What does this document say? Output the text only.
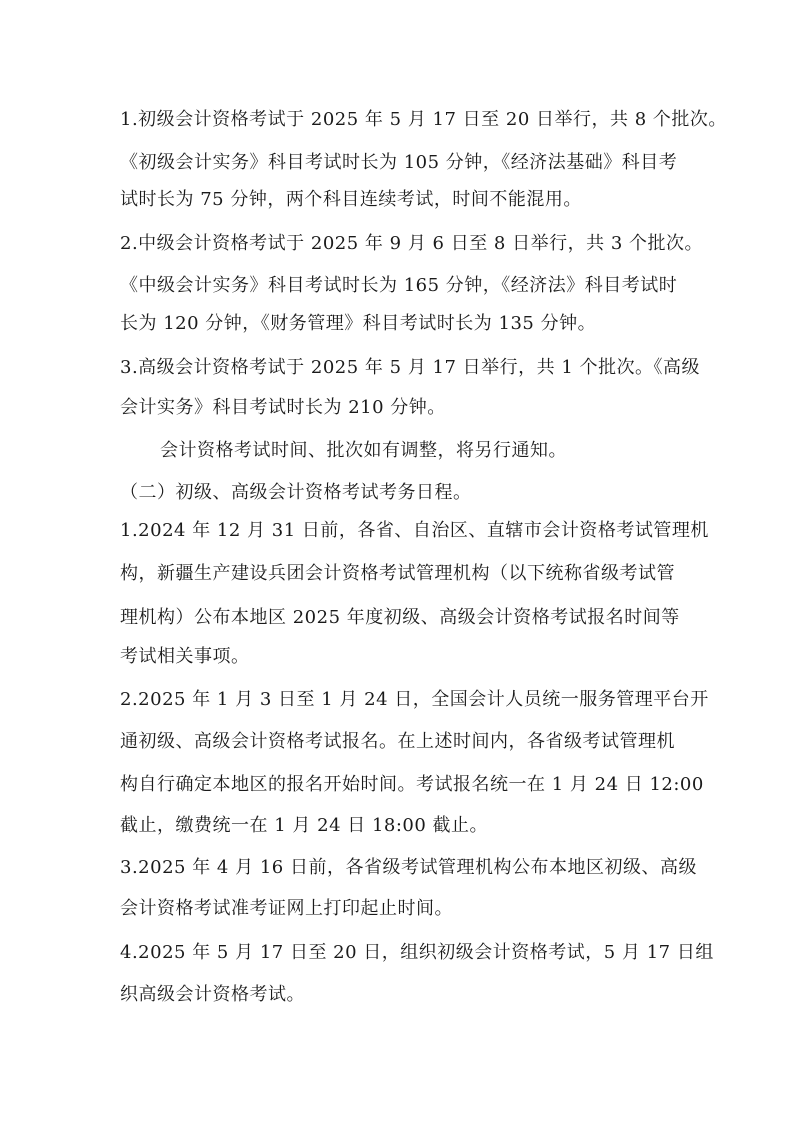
1.初级会计资格考试于 2025 年 5 月 17 日至 20 日举行，共 8 个批次。
《初级会计实务》科目考试时长为 105 分钟，《经济法基础》科目考
试时长为 75 分钟，两个科目连续考试，时间不能混用。
2.中级会计资格考试于 2025 年 9 月 6 日至 8 日举行，共 3 个批次。
《中级会计实务》科目考试时长为 165 分钟，《经济法》科目考试时
长为 120 分钟，《财务管理》科目考试时长为 135 分钟。
3.高级会计资格考试于 2025 年 5 月 17 日举行，共 1 个批次。《高级
会计实务》科目考试时长为 210 分钟。
会计资格考试时间、批次如有调整，将另行通知。
（二）初级、高级会计资格考试考务日程。
1.2024 年 12 月 31 日前，各省、自治区、直辖市会计资格考试管理机
构，新疆生产建设兵团会计资格考试管理机构（以下统称省级考试管
理机构）公布本地区 2025 年度初级、高级会计资格考试报名时间等
考试相关事项。
2.2025 年 1 月 3 日至 1 月 24 日，全国会计人员统一服务管理平台开
通初级、高级会计资格考试报名。在上述时间内，各省级考试管理机
构自行确定本地区的报名开始时间。考试报名统一在 1 月 24 日 12:00
截止，缴费统一在 1 月 24 日 18:00 截止。
3.2025 年 4 月 16 日前，各省级考试管理机构公布本地区初级、高级
会计资格考试准考证网上打印起止时间。
4.2025 年 5 月 17 日至 20 日，组织初级会计资格考试，5 月 17 日组
织高级会计资格考试。
